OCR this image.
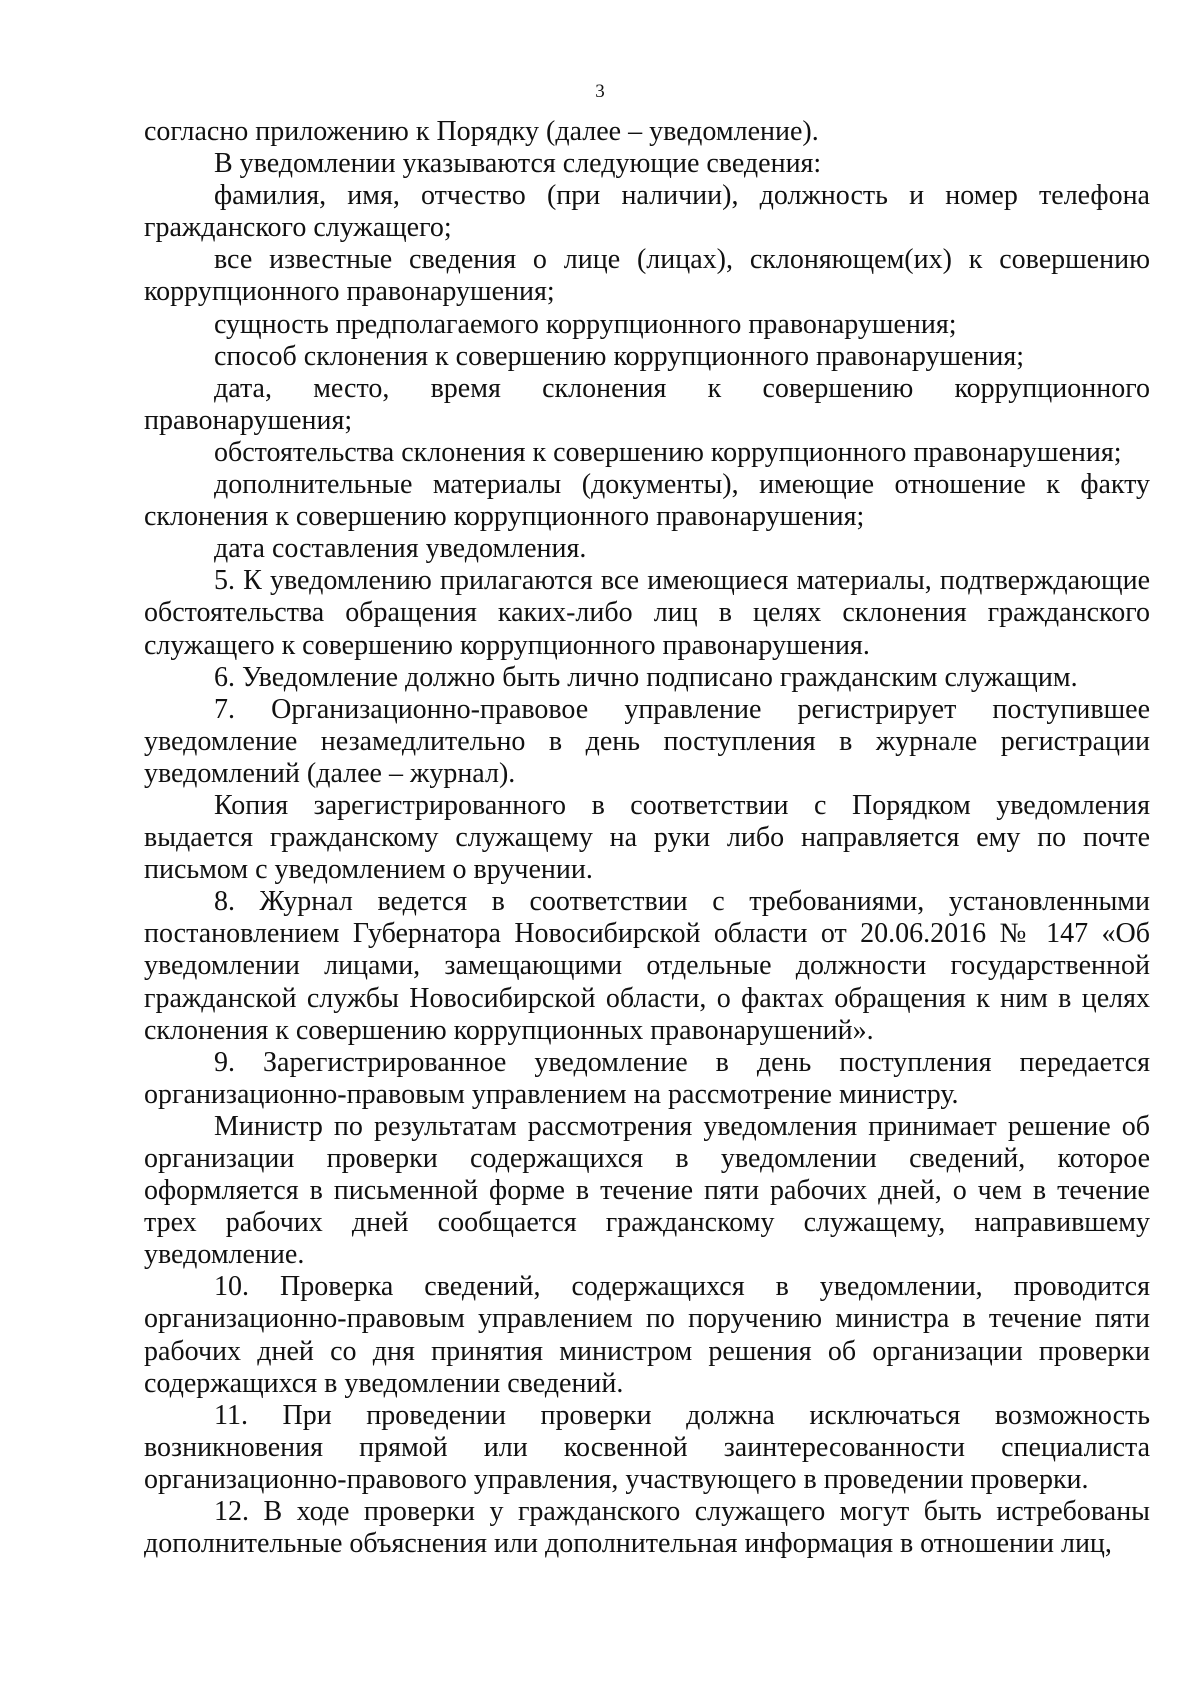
3

согласно приложению к Порядку (далее – уведомление).

В уведомлении указываются следующие сведения:

фамилия, имя, отчество (при наличии), должность и номер телефона гражданского служащего;

все известные сведения о лице (лицах), склоняющем(их) к совершению коррупционного правонарушения;

сущность предполагаемого коррупционного правонарушения;

способ склонения к совершению коррупционного правонарушения;

дата, место, время склонения к совершению коррупционного правонарушения;

обстоятельства склонения к совершению коррупционного правонарушения;

дополнительные материалы (документы), имеющие отношение к факту склонения к совершению коррупционного правонарушения;

дата составления уведомления.

5. К уведомлению прилагаются все имеющиеся материалы, подтверждающие обстоятельства обращения каких-либо лиц в целях склонения гражданского служащего к совершению коррупционного правонарушения.

6. Уведомление должно быть лично подписано гражданским служащим.

7. Организационно-правовое управление регистрирует поступившее уведомление незамедлительно в день поступления в журнале регистрации уведомлений (далее – журнал).

Копия зарегистрированного в соответствии с Порядком уведомления выдается гражданскому служащему на руки либо направляется ему по почте письмом с уведомлением о вручении.

8. Журнал ведется в соответствии с требованиями, установленными постановлением Губернатора Новосибирской области от 20.06.2016 № 147 «Об уведомлении лицами, замещающими отдельные должности государственной гражданской службы Новосибирской области, о фактах обращения к ним в целях склонения к совершению коррупционных правонарушений».

9. Зарегистрированное уведомление в день поступления передается организационно-правовым управлением на рассмотрение министру.

Министр по результатам рассмотрения уведомления принимает решение об организации проверки содержащихся в уведомлении сведений, которое оформляется в письменной форме в течение пяти рабочих дней, о чем в течение трех рабочих дней сообщается гражданскому служащему, направившему уведомление.

10. Проверка сведений, содержащихся в уведомлении, проводится организационно-правовым управлением по поручению министра в течение пяти рабочих дней со дня принятия министром решения об организации проверки содержащихся в уведомлении сведений.

11. При проведении проверки должна исключаться возможность возникновения прямой или косвенной заинтересованности специалиста организационно-правового управления, участвующего в проведении проверки.

12. В ходе проверки у гражданского служащего могут быть истребованы дополнительные объяснения или дополнительная информация в отношении лиц,
